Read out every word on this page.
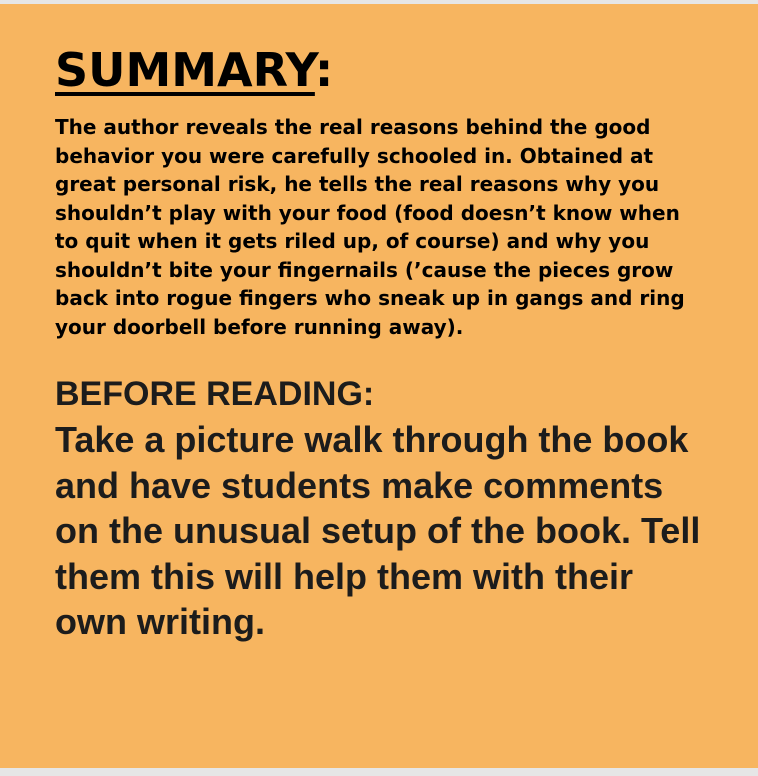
SUMMARY:

The author reveals the real reasons behind the good behavior you were carefully schooled in. Obtained at great personal risk, he tells the real reasons why you shouldn’t play with your food (food doesn’t know when to quit when it gets riled up, of course) and why you shouldn’t bite your fingernails (’cause the pieces grow back into rogue fingers who sneak up in gangs and ring your doorbell before running away).

BEFORE READING:

Take a picture walk through the book and have students make comments on the unusual setup of the book. Tell them this will help them with their own writing.
